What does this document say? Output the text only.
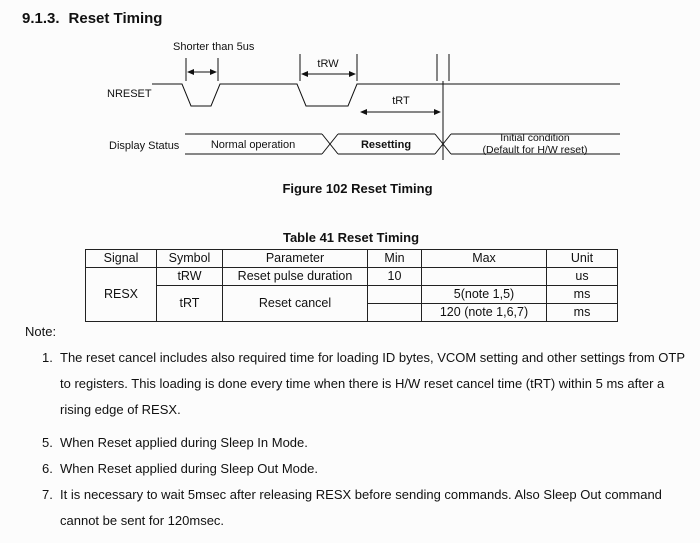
9.1.3. Reset Timing
Shorter than 5us
tRW
NRESET
tRT
Display Status	Normal operation	Resetting
Initial condition
(Default for H/W reset)
Figure 102 Reset Timing
Table 41 Reset Timing
Signal	Symbol	Parameter	Min	Max	Unit
RESX	tRW	Reset pulse duration	10		us
	tRT	Reset cancel		5(note 1,5)	ms
				120 (note 1,6,7)	ms
Note:
1. The reset cancel includes also required time for loading ID bytes, VCOM setting and other settings from OTP to registers. This loading is done every time when there is H/W reset cancel time (tRT) within 5 ms after a rising edge of RESX.
5. When Reset applied during Sleep In Mode.
6. When Reset applied during Sleep Out Mode.
7. It is necessary to wait 5msec after releasing RESX before sending commands. Also Sleep Out command cannot be sent for 120msec.
